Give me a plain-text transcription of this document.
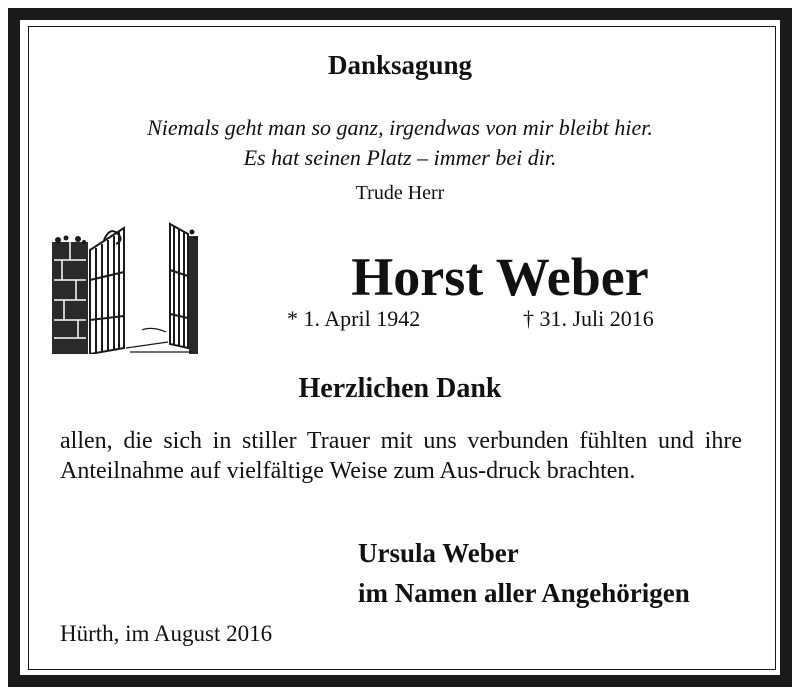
Danksagung
Niemals geht man so ganz, irgendwas von mir bleibt hier.
Es hat seinen Platz – immer bei dir.
Trude Herr
Horst Weber
* 1. April 1942	† 31. Juli 2016
Herzlichen Dank
allen, die sich in stiller Trauer mit uns verbunden fühlten und ihre Anteilnahme auf vielfältige Weise zum Aus-druck brachten.
Ursula Weber
im Namen aller Angehörigen
Hürth, im August 2016
